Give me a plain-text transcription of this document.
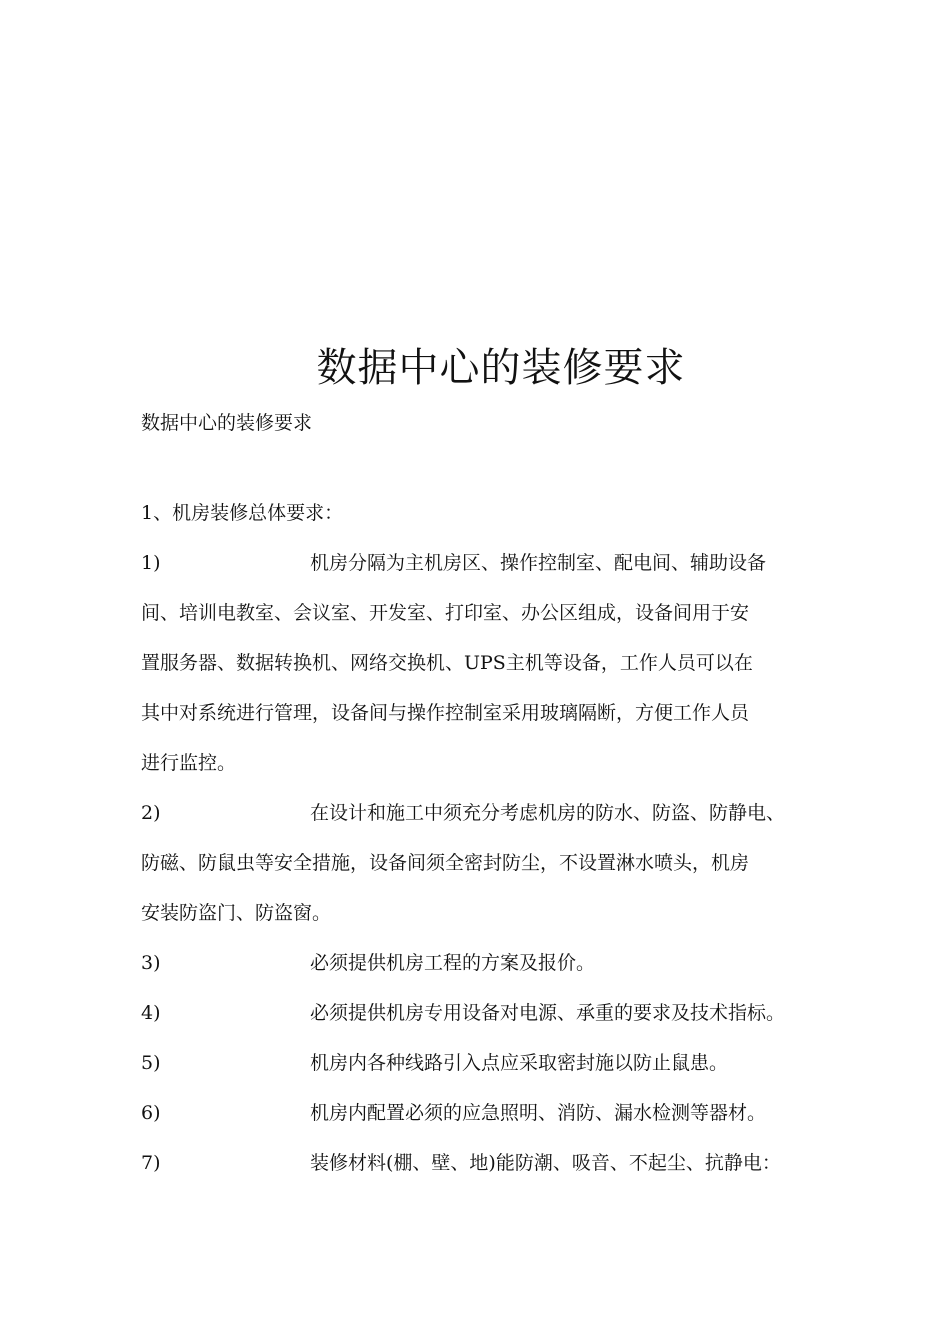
数据中心的装修要求

数据中心的装修要求

1、机房装修总体要求：
1)	机房分隔为主机房区、操作控制室、配电间、辅助设备
间、培训电教室、会议室、开发室、打印室、办公区组成，设备间用于安
置服务器、数据转换机、网络交换机、UPS主机等设备，工作人员可以在
其中对系统进行管理，设备间与操作控制室采用玻璃隔断，方便工作人员
进行监控。
2)	在设计和施工中须充分考虑机房的防水、防盗、防静电、
防磁、防鼠虫等安全措施，设备间须全密封防尘，不设置淋水喷头，机房
安装防盗门、防盗窗。
3)	必须提供机房工程的方案及报价。
4)	必须提供机房专用设备对电源、承重的要求及技术指标。
5)	机房内各种线路引入点应采取密封施以防止鼠患。
6)	机房内配置必须的应急照明、消防、漏水检测等器材。
7)	装修材料(棚、壁、地)能防潮、吸音、不起尘、抗静电：
